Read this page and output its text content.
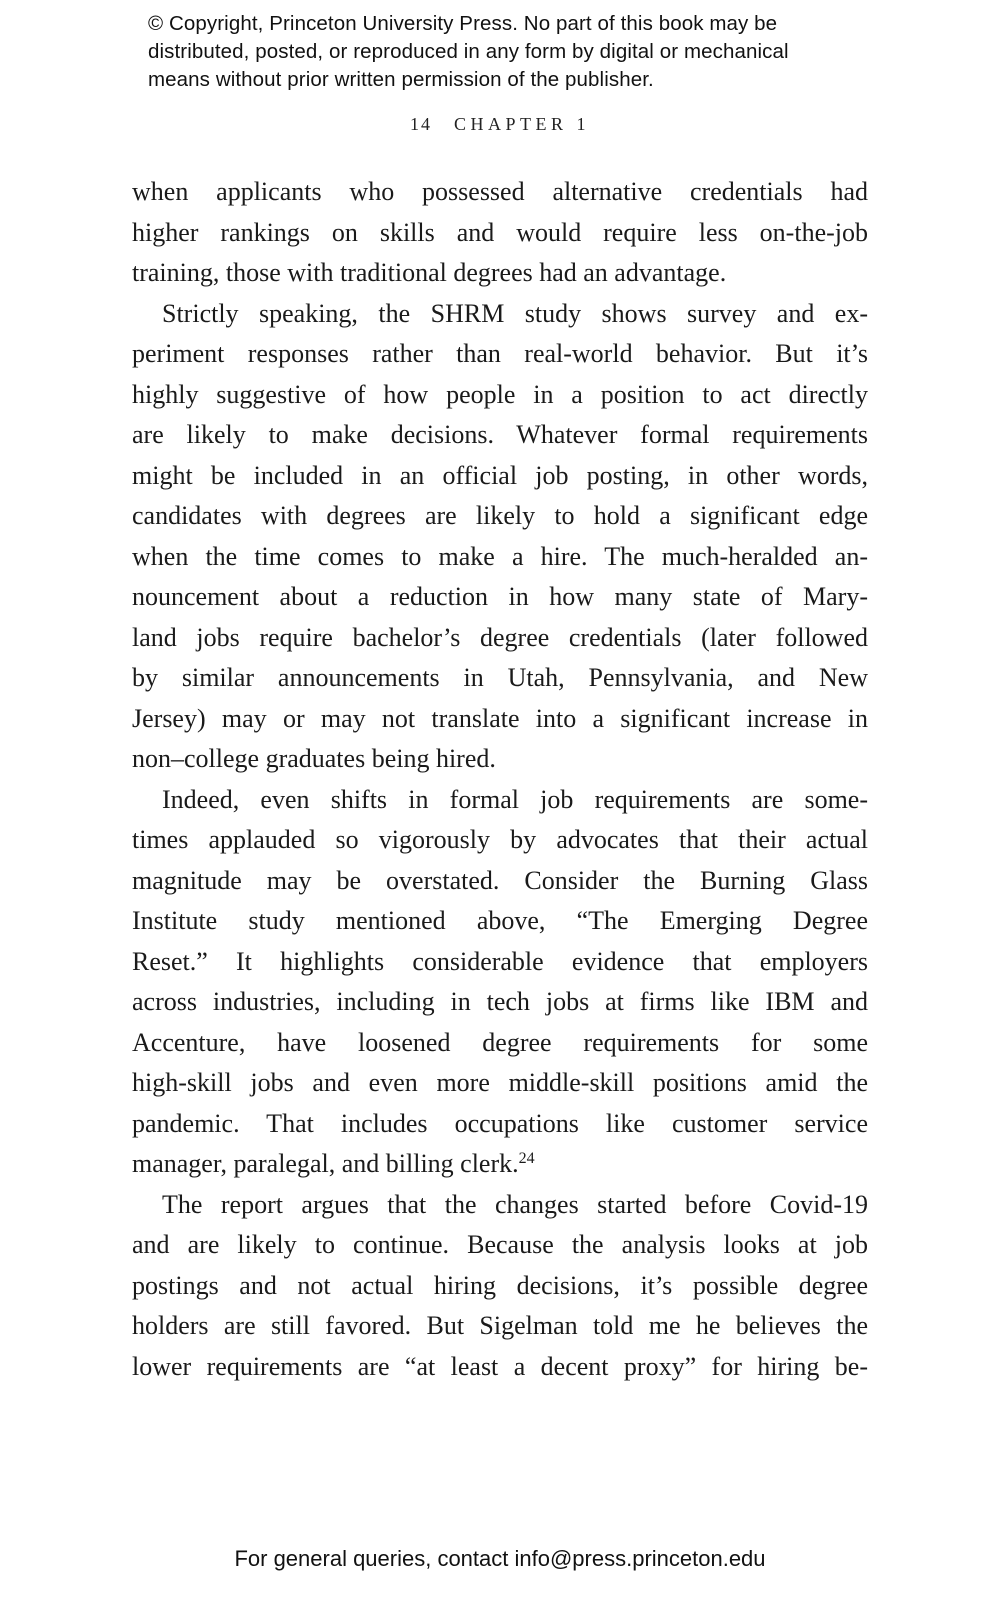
© Copyright, Princeton University Press. No part of this book may be
distributed, posted, or reproduced in any form by digital or mechanical
means without prior written permission of the publisher.
14 CHAPTER 1
when applicants who possessed alternative credentials had
higher rankings on skills and would require less on-the-job
training, those with traditional degrees had an advantage.
Strictly speaking, the SHRM study shows survey and ex-
periment responses rather than real-world behavior. But it’s
highly suggestive of how people in a position to act directly
are likely to make decisions. Whatever formal requirements
might be included in an official job posting, in other words,
candidates with degrees are likely to hold a significant edge
when the time comes to make a hire. The much-heralded an-
nouncement about a reduction in how many state of Mary-
land jobs require bachelor’s degree credentials (later followed
by similar announcements in Utah, Pennsylvania, and New
Jersey) may or may not translate into a significant increase in
non–college graduates being hired.
Indeed, even shifts in formal job requirements are some-
times applauded so vigorously by advocates that their actual
magnitude may be overstated. Consider the Burning Glass
Institute study mentioned above, “The Emerging Degree
Reset.” It highlights considerable evidence that employers
across industries, including in tech jobs at firms like IBM and
Accenture, have loosened degree requirements for some
high-skill jobs and even more middle-skill positions amid the
pandemic. That includes occupations like customer service
manager, paralegal, and billing clerk.$^{24}$
The report argues that the changes started before Covid-19
and are likely to continue. Because the analysis looks at job
postings and not actual hiring decisions, it’s possible degree
holders are still favored. But Sigelman told me he believes the
lower requirements are “at least a decent proxy” for hiring be-
For general queries, contact info@press.princeton.edu
